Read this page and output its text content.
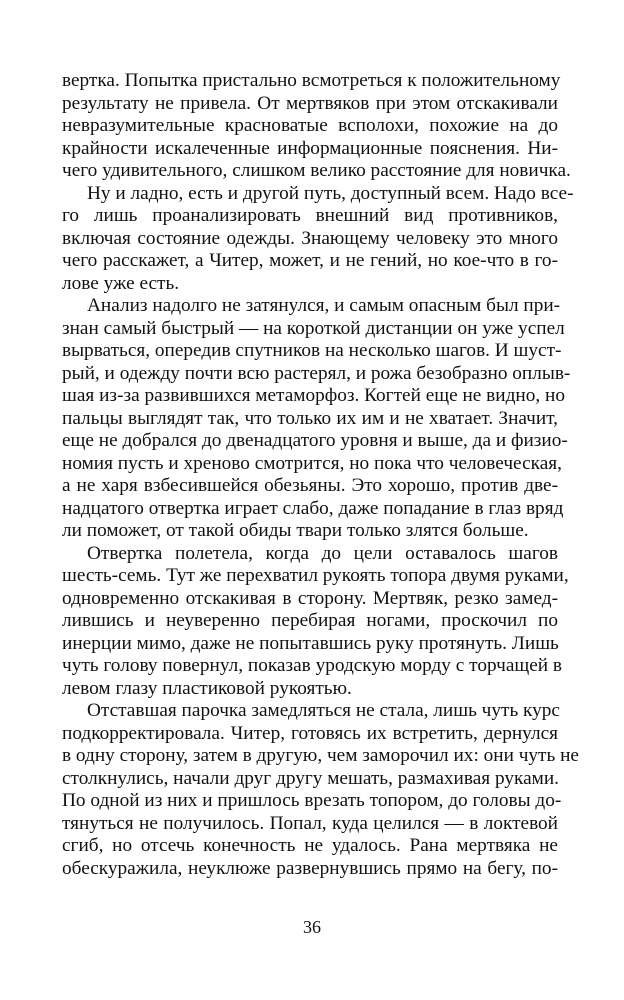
вертка. Попытка пристально всмотреться к положительному
результату не привела. От мертвяков при этом отскакивали
невразумительные красноватые всполохи, похожие на до
крайности искалеченные информационные пояснения. Ни-
чего удивительного, слишком велико расстояние для новичка.

Ну и ладно, есть и другой путь, доступный всем. Надо все-
го лишь проанализировать внешний вид противников,
включая состояние одежды. Знающему человеку это много
чего расскажет, а Читер, может, и не гений, но кое-что в го-
лове уже есть.

Анализ надолго не затянулся, и самым опасным был при-
знан самый быстрый — на короткой дистанции он уже успел
вырваться, опередив спутников на несколько шагов. И шуст-
рый, и одежду почти всю растерял, и рожа безобразно оплыв-
шая из-за развившихся метаморфоз. Когтей еще не видно, но
пальцы выглядят так, что только их им и не хватает. Значит,
еще не добрался до двенадцатого уровня и выше, да и физио-
номия пусть и хреново смотрится, но пока что человеческая,
а не харя взбесившейся обезьяны. Это хорошо, против две-
надцатого отвертка играет слабо, даже попадание в глаз вряд
ли поможет, от такой обиды твари только злятся больше.

Отвертка полетела, когда до цели оставалось шагов
шесть-семь. Тут же перехватил рукоять топора двумя руками,
одновременно отскакивая в сторону. Мертвяк, резко замед-
лившись и неуверенно перебирая ногами, проскочил по
инерции мимо, даже не попытавшись руку протянуть. Лишь
чуть голову повернул, показав уродскую морду с торчащей в
левом глазу пластиковой рукоятью.

Отставшая парочка замедляться не стала, лишь чуть курс
подкорректировала. Читер, готовясь их встретить, дернулся
в одну сторону, затем в другую, чем заморочил их: они чуть не
столкнулись, начали друг другу мешать, размахивая руками.
По одной из них и пришлось врезать топором, до головы до-
тянуться не получилось. Попал, куда целился — в локтевой
сгиб, но отсечь конечность не удалось. Рана мертвяка не
обескуражила, неуклюже развернувшись прямо на бегу, по-

36
